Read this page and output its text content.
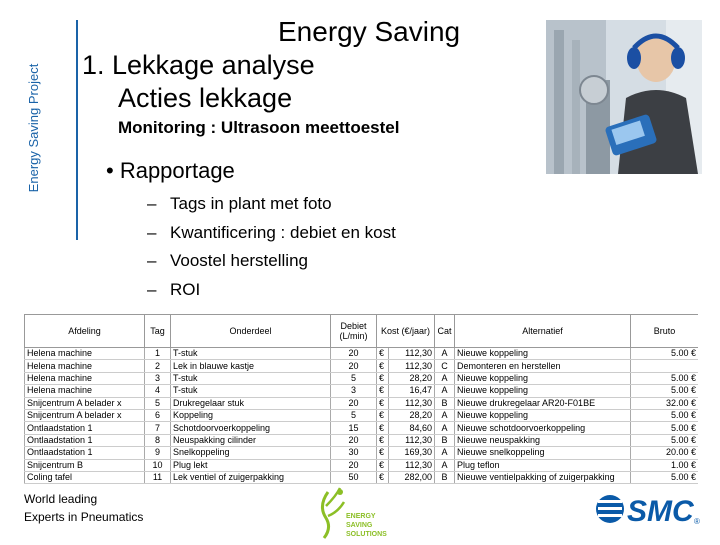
Energy Saving Project
Energy Saving
1. Lekkage analyse
Acties lekkage
Monitoring : Ultrasoon meettoestel
• Rapportage
– Tags in plant met foto
– Kwantificering : debiet en kost
– Voostel herstelling
– ROI
Afdeling	Tag	Onderdeel	Debiet (L/min)	Kost (€/jaar)		Cat	Alternatief	Bruto
Helena machine	1	T-stuk	20	€	112,30	A	Nieuwe koppeling	5.00 €
Helena machine	2	Lek in blauwe kastje	20	€	112,30	C	Demonteren en herstellen	
Helena machine	3	T-stuk	5	€	28,20	A	Nieuwe koppeling	5.00 €
Helena machine	4	T-stuk	3	€	16,47	A	Nieuwe koppeling	5.00 €
Snijcentrum A belader x	5	Drukregelaar stuk	20	€	112,30	B	Nieuwe drukregelaar AR20-F01BE	32.00 €
Snijcentrum A belader x	6	Koppeling	5	€	28,20	A	Nieuwe koppeling	5.00 €
Ontlaadstation 1	7	Schotdoorvoerkoppeling	15	€	84,60	A	Nieuwe schotdoorvoerkoppeling	5.00 €
Ontlaadstation 1	8	Neuspakking cilinder	20	€	112,30	B	Nieuwe neuspakking	5.00 €
Ontlaadstation 1	9	Snelkoppeling	30	€	169,30	A	Nieuwe snelkoppeling	20.00 €
Snijcentrum B	10	Plug lekt	20	€	112,30	A	Plug teflon	1.00 €
Coling tafel	11	Lek ventiel of zuigerpakking	50	€	282,00	B	Nieuwe ventielpakking of zuigerpakking	5.00 €
World leading
Experts in Pneumatics	ENERGY
SAVING
SOLUTIONS
SMC ®
